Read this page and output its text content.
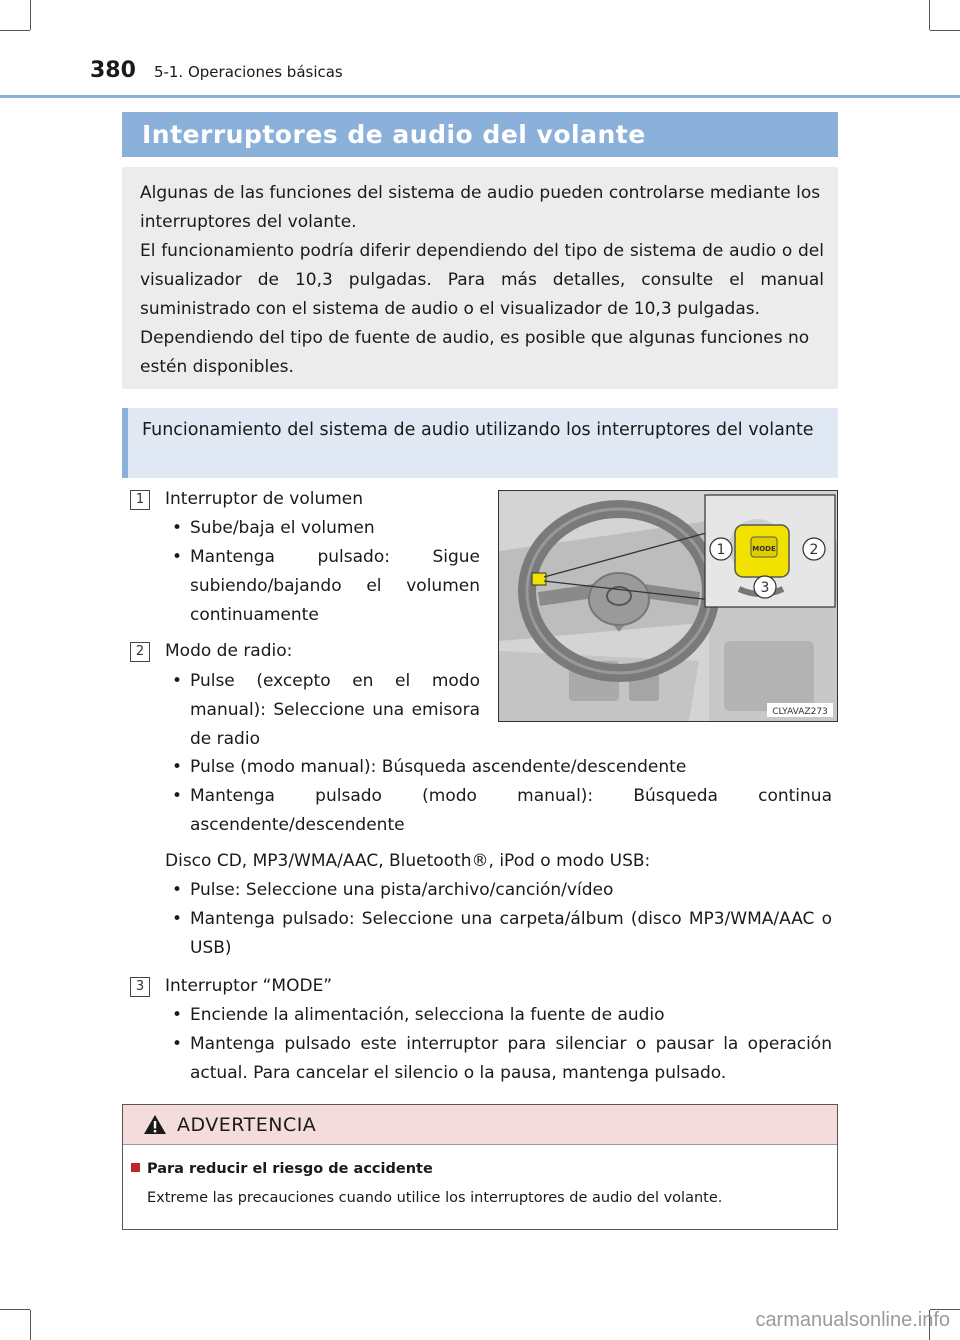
380 5-1. Operaciones básicas
Interruptores de audio del volante

Algunas de las funciones del sistema de audio pueden controlarse mediante los interruptores del volante.

El funcionamiento podría diferir dependiendo del tipo de sistema de audio o del visualizador de 10,3 pulgadas. Para más detalles, consulte el manual suministrado con el sistema de audio o el visualizador de 10,3 pulgadas.

Dependiendo del tipo de fuente de audio, es posible que algunas funciones no estén disponibles.

Funcionamiento del sistema de audio utilizando los interruptores del volante
MODE
1	2
3
CLYAVAZ273
1	Interruptor de volumen
• Sube/baja el volumen
• Mantenga pulsado: Sigue subiendo/bajando el volumen continuamente
2	Modo de radio:
• Pulse (excepto en el modo manual): Seleccione una emisora de radio
• Pulse (modo manual): Búsqueda ascendente/descendente
• Mantenga pulsado (modo manual): Búsqueda continua ascendente/descendente
Disco CD, MP3/WMA/AAC, Bluetooth®, iPod o modo USB:
• Pulse: Seleccione una pista/archivo/canción/vídeo
• Mantenga pulsado: Seleccione una carpeta/álbum (disco MP3/WMA/AAC o USB)
3	Interruptor “MODE”
• Enciende la alimentación, selecciona la fuente de audio
• Mantenga pulsado este interruptor para silenciar o pausar la operación actual. Para cancelar el silencio o la pausa, mantenga pulsado.
ADVERTENCIA
Para reducir el riesgo de accidente
Extreme las precauciones cuando utilice los interruptores de audio del volante.
carmanualsonline.info
